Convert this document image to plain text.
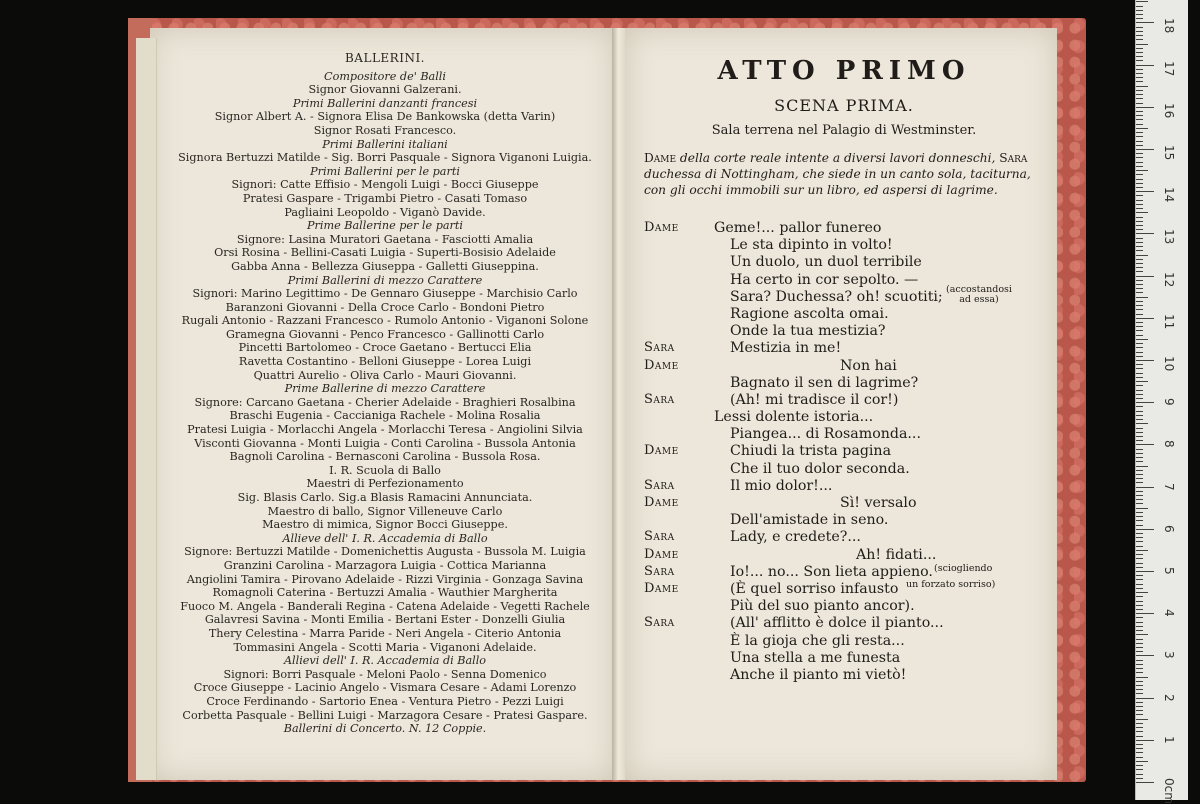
BALLERINI.
Compositore de' Balli
Signor Giovanni Galzerani.
Primi Ballerini danzanti francesi
Signor Albert A. - Signora Elisa De Bankowska (detta Varin)
Signor Rosati Francesco.
Primi Ballerini italiani
Signora Bertuzzi Matilde - Sig. Borri Pasquale - Signora Viganoni Luigia.
Primi Ballerini per le parti
Signori: Catte Effisio - Mengoli Luigi - Bocci Giuseppe
Pratesi Gaspare - Trigambi Pietro - Casati Tomaso
Pagliaini Leopoldo - Viganò Davide.
Prime Ballerine per le parti
Signore: Lasina Muratori Gaetana - Fasciotti Amalia
Orsi Rosina - Bellini-Casati Luigia - Superti-Bosisio Adelaide
Gabba Anna - Bellezza Giuseppa - Galletti Giuseppina.
Primi Ballerini di mezzo Carattere
Signori: Marino Legittimo - De Gennaro Giuseppe - Marchisio Carlo
Baranzoni Giovanni - Della Croce Carlo - Bondoni Pietro
Rugali Antonio - Razzani Francesco - Rumolo Antonio - Viganoni Solone
Gramegna Giovanni - Penco Francesco - Gallinotti Carlo
Pincetti Bartolomeo - Croce Gaetano - Bertucci Elia
Ravetta Costantino - Belloni Giuseppe - Lorea Luigi
Quattri Aurelio - Oliva Carlo - Mauri Giovanni.
Prime Ballerine di mezzo Carattere
Signore: Carcano Gaetana - Cherier Adelaide - Braghieri Rosalbina
Braschi Eugenia - Caccianiga Rachele - Molina Rosalia
Pratesi Luigia - Morlacchi Angela - Morlacchi Teresa - Angiolini Silvia
Visconti Giovanna - Monti Luigia - Conti Carolina - Bussola Antonia
Bagnoli Carolina - Bernasconi Carolina - Bussola Rosa.
I. R. Scuola di Ballo
Maestri di Perfezionamento
Sig. Blasis Carlo. Sig.a Blasis Ramacini Annunciata.
Maestro di ballo, Signor Villeneuve Carlo
Maestro di mimica, Signor Bocci Giuseppe.
Allieve dell' I. R. Accademia di Ballo
Signore: Bertuzzi Matilde - Domenichettis Augusta - Bussola M. Luigia
Granzini Carolina - Marzagora Luigia - Cottica Marianna
Angiolini Tamira - Pirovano Adelaide - Rizzi Virginia - Gonzaga Savina
Romagnoli Caterina - Bertuzzi Amalia - Wauthier Margherita
Fuoco M. Angela - Banderali Regina - Catena Adelaide - Vegetti Rachele
Galavresi Savina - Monti Emilia - Bertani Ester - Donzelli Giulia
Thery Celestina - Marra Paride - Neri Angela - Citerio Antonia
Tommasini Angela - Scotti Maria - Viganoni Adelaide.
Allievi dell' I. R. Accademia di Ballo
Signori: Borri Pasquale - Meloni Paolo - Senna Domenico
Croce Giuseppe - Lacinio Angelo - Vismara Cesare - Adami Lorenzo
Croce Ferdinando - Sartorio Enea - Ventura Pietro - Pezzi Luigi
Corbetta Pasquale - Bellini Luigi - Marzagora Cesare - Pratesi Gaspare.
Ballerini di Concerto. N. 12 Coppie.
ATTO PRIMO
SCENA PRIMA.
Sala terrena nel Palagio di Westminster.
Dame della corte reale intente a diversi lavori donneschi, Sara duchessa di Nottingham, che siede in un canto sola, taciturna, con gli occhi immobili sur un libro, ed aspersi di lagrime.
Dame Geme!... pallor funereo
Le sta dipinto in volto!
Un duolo, un duol terribile
Ha certo in cor sepolto. —
Sara? Duchessa? oh! scuotiti; (accostandosi ad essa)
Ragione ascolta omai.
Onde la tua mestizia?
Sara	Mestizia in me!
Dame	Non hai
Bagnato il sen di lagrime?
Sara	(Ah! mi tradisce il cor!)
Lessi dolente istoria...
Piangea... di Rosamonda...
Dame	Chiudi la trista pagina
Che il tuo dolor seconda.
Sara	Il mio dolor!...
Dame	Sì! versalo
Dell'amistade in seno.
Sara	Lady, e credete?...
Dame	Ah! fidati...
Sara	Io!... no... Son lieta appieno. (sciogliendo
Dame	(È quel sorriso infausto un forzato sorriso)
Più del suo pianto ancor).
Sara	(All' afflitto è dolce il pianto...
È la gioja che gli resta...
Una stella a me funesta
Anche il pianto mi vietò!
0cm
1
2
3
4
5
6
7
8
9
10
11
12
13
14
15
16
17
18
